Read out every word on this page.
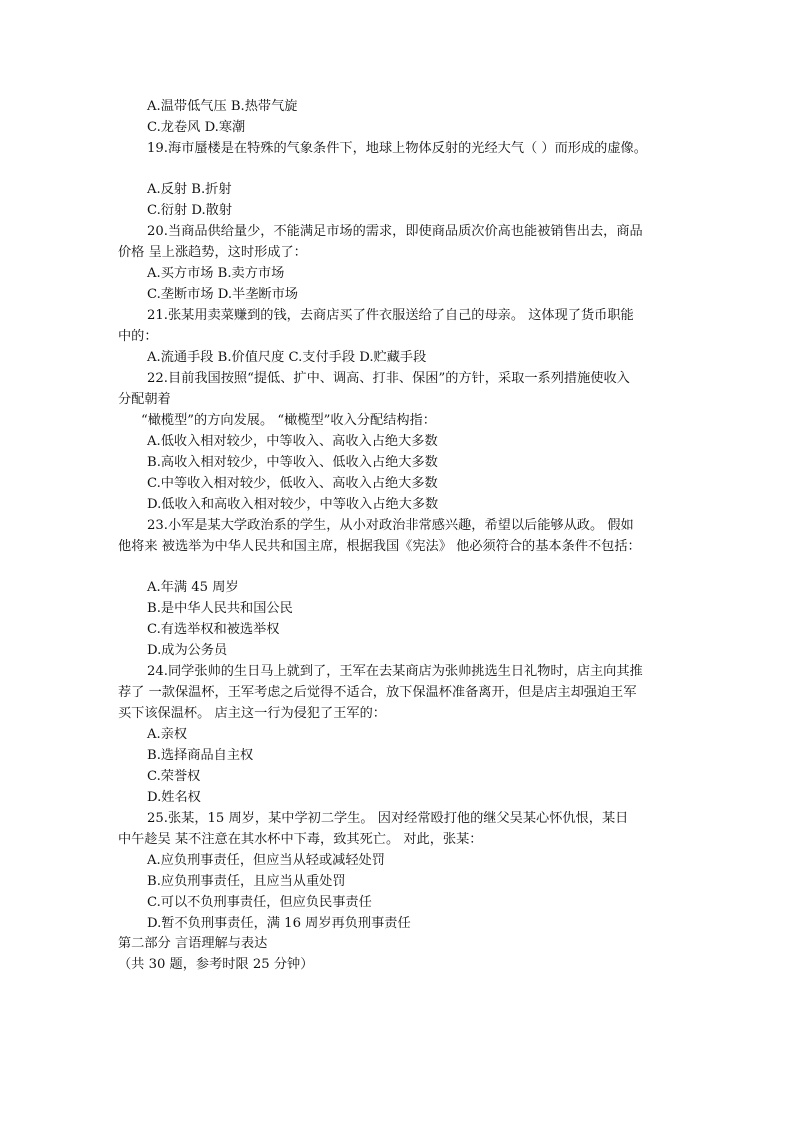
A.温带低气压 B.热带气旋
C.龙卷风 D.寒潮
19.海市蜃楼是在特殊的气象条件下，地球上物体反射的光经大气（ ）而形成的虚像。
A.反射 B.折射
C.衍射 D.散射
20.当商品供给量少，不能满足市场的需求，即使商品质次价高也能被销售出去，商品
价格 呈上涨趋势，这时形成了：
A.买方市场 B.卖方市场
C.垄断市场 D.半垄断市场
21.张某用卖菜赚到的钱，去商店买了件衣服送给了自己的母亲。 这体现了货币职能
中的：
A.流通手段 B.价值尺度 C.支付手段 D.贮藏手段
22.目前我国按照“提低、扩中、调高、打非、保困”的方针，采取一系列措施使收入
分配朝着
“橄榄型”的方向发展。 “橄榄型”收入分配结构指：
A.低收入相对较少，中等收入、高收入占绝大多数
B.高收入相对较少，中等收入、低收入占绝大多数
C.中等收入相对较少，低收入、高收入占绝大多数
D.低收入和高收入相对较少，中等收入占绝大多数
23.小军是某大学政治系的学生，从小对政治非常感兴趣，希望以后能够从政。 假如
他将来 被选举为中华人民共和国主席，根据我国《宪法》 他必须符合的基本条件不包括：
A.年满 45 周岁
B.是中华人民共和国公民
C.有选举权和被选举权
D.成为公务员
24.同学张帅的生日马上就到了，王军在去某商店为张帅挑选生日礼物时，店主向其推
荐了 一款保温杯，王军考虑之后觉得不适合，放下保温杯准备离开，但是店主却强迫王军
买下该保温杯。 店主这一行为侵犯了王军的：
A.亲权
B.选择商品自主权
C.荣誉权
D.姓名权
25.张某，15 周岁，某中学初二学生。 因对经常殴打他的继父吴某心怀仇恨，某日
中午趁吴 某不注意在其水杯中下毒，致其死亡。 对此，张某：
A.应负刑事责任，但应当从轻或减轻处罚
B.应负刑事责任，且应当从重处罚
C.可以不负刑事责任，但应负民事责任
D.暂不负刑事责任，满 16 周岁再负刑事责任
第二部分 言语理解与表达
（共 30 题，参考时限 25 分钟）
